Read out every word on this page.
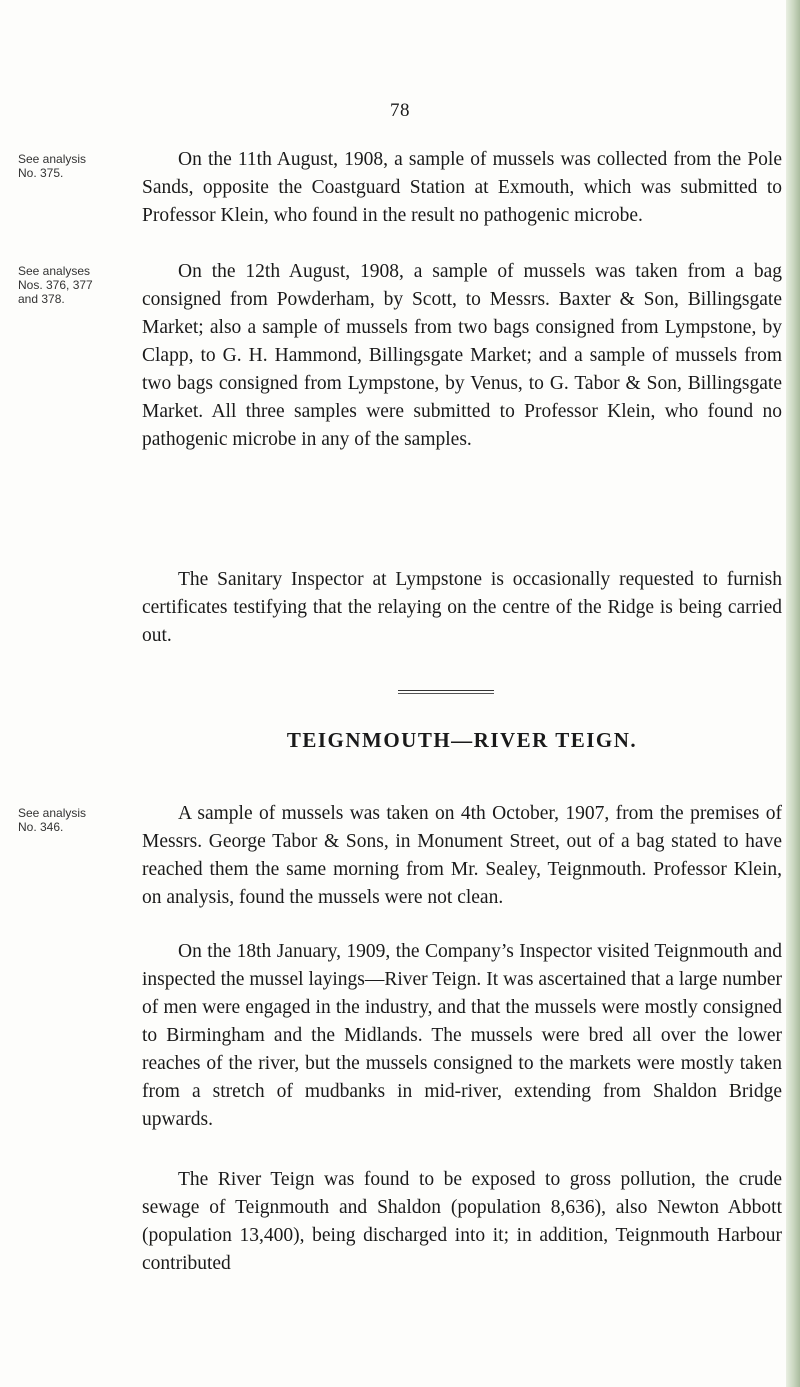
78
See analysis No. 375.
See analyses Nos. 376, 377 and 378.
See analysis No. 346.

On the 11th August, 1908, a sample of mussels was collected from the Pole Sands, opposite the Coastguard Station at Exmouth, which was submitted to Professor Klein, who found in the result no pathogenic microbe.

On the 12th August, 1908, a sample of mussels was taken from a bag consigned from Powderham, by Scott, to Messrs. Baxter & Son, Billingsgate Market; also a sample of mussels from two bags consigned from Lympstone, by Clapp, to G. H. Hammond, Billingsgate Market; and a sample of mussels from two bags consigned from Lympstone, by Venus, to G. Tabor & Son, Billingsgate Market. All three samples were submitted to Professor Klein, who found no pathogenic microbe in any of the samples.

The Sanitary Inspector at Lympstone is occasionally requested to furnish certificates testifying that the relaying on the centre of the Ridge is being carried out.

TEIGNMOUTH—RIVER TEIGN.

A sample of mussels was taken on 4th October, 1907, from the premises of Messrs. George Tabor & Sons, in Monument Street, out of a bag stated to have reached them the same morning from Mr. Sealey, Teignmouth. Professor Klein, on analysis, found the mussels were not clean.

On the 18th January, 1909, the Company’s Inspector visited Teignmouth and inspected the mussel layings—River Teign. It was ascertained that a large number of men were engaged in the industry, and that the mussels were mostly consigned to Birmingham and the Midlands. The mussels were bred all over the lower reaches of the river, but the mussels consigned to the markets were mostly taken from a stretch of mudbanks in mid-river, extending from Shaldon Bridge upwards.

The River Teign was found to be exposed to gross pollution, the crude sewage of Teignmouth and Shaldon (population 8,636), also Newton Abbott (population 13,400), being discharged into it; in addition, Teignmouth Harbour contributed
